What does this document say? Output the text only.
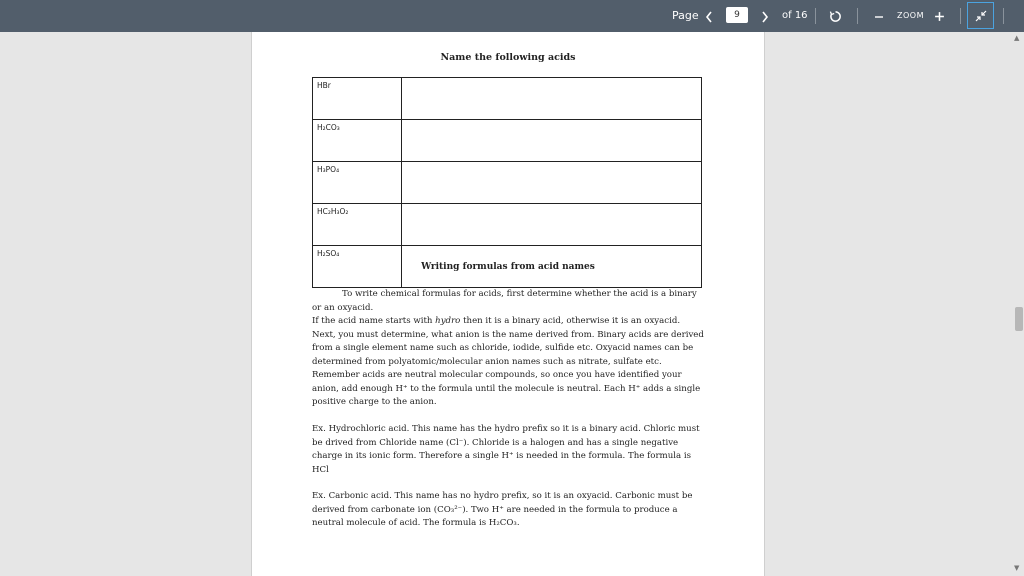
Page
9	of 16	ZOOM
Name the following acids
HBr	
H₂CO₃	
H₃PO₄	
HC₂H₃O₂	
H₂SO₄	
Writing formulas from acid names
To write chemical formulas for acids, first determine whether the acid is a binary or an oxyacid.
If the acid name starts with hydro then it is a binary acid, otherwise it is an oxyacid. Next, you must determine, what anion is the name derived from. Binary acids are derived from a single element name such as chloride, iodide, sulfide etc. Oxyacid names can be determined from polyatomic/molecular anion names such as nitrate, sulfate etc. Remember acids are neutral molecular compounds, so once you have identified your anion, add enough H⁺ to the formula until the molecule is neutral. Each H⁺ adds a single positive charge to the anion.

Ex. Hydrochloric acid. This name has the hydro prefix so it is a binary acid. Chloric must be drived from Chloride name (Cl⁻). Chloride is a halogen and has a single negative charge in its ionic form. Therefore a single H⁺ is needed in the formula. The formula is HCl

Ex. Carbonic acid. This name has no hydro prefix, so it is an oxyacid. Carbonic must be derived from carbonate ion (CO₃²⁻). Two H⁺ are needed in the formula to produce a neutral molecule of acid. The formula is H₂CO₃.

▲
▼
